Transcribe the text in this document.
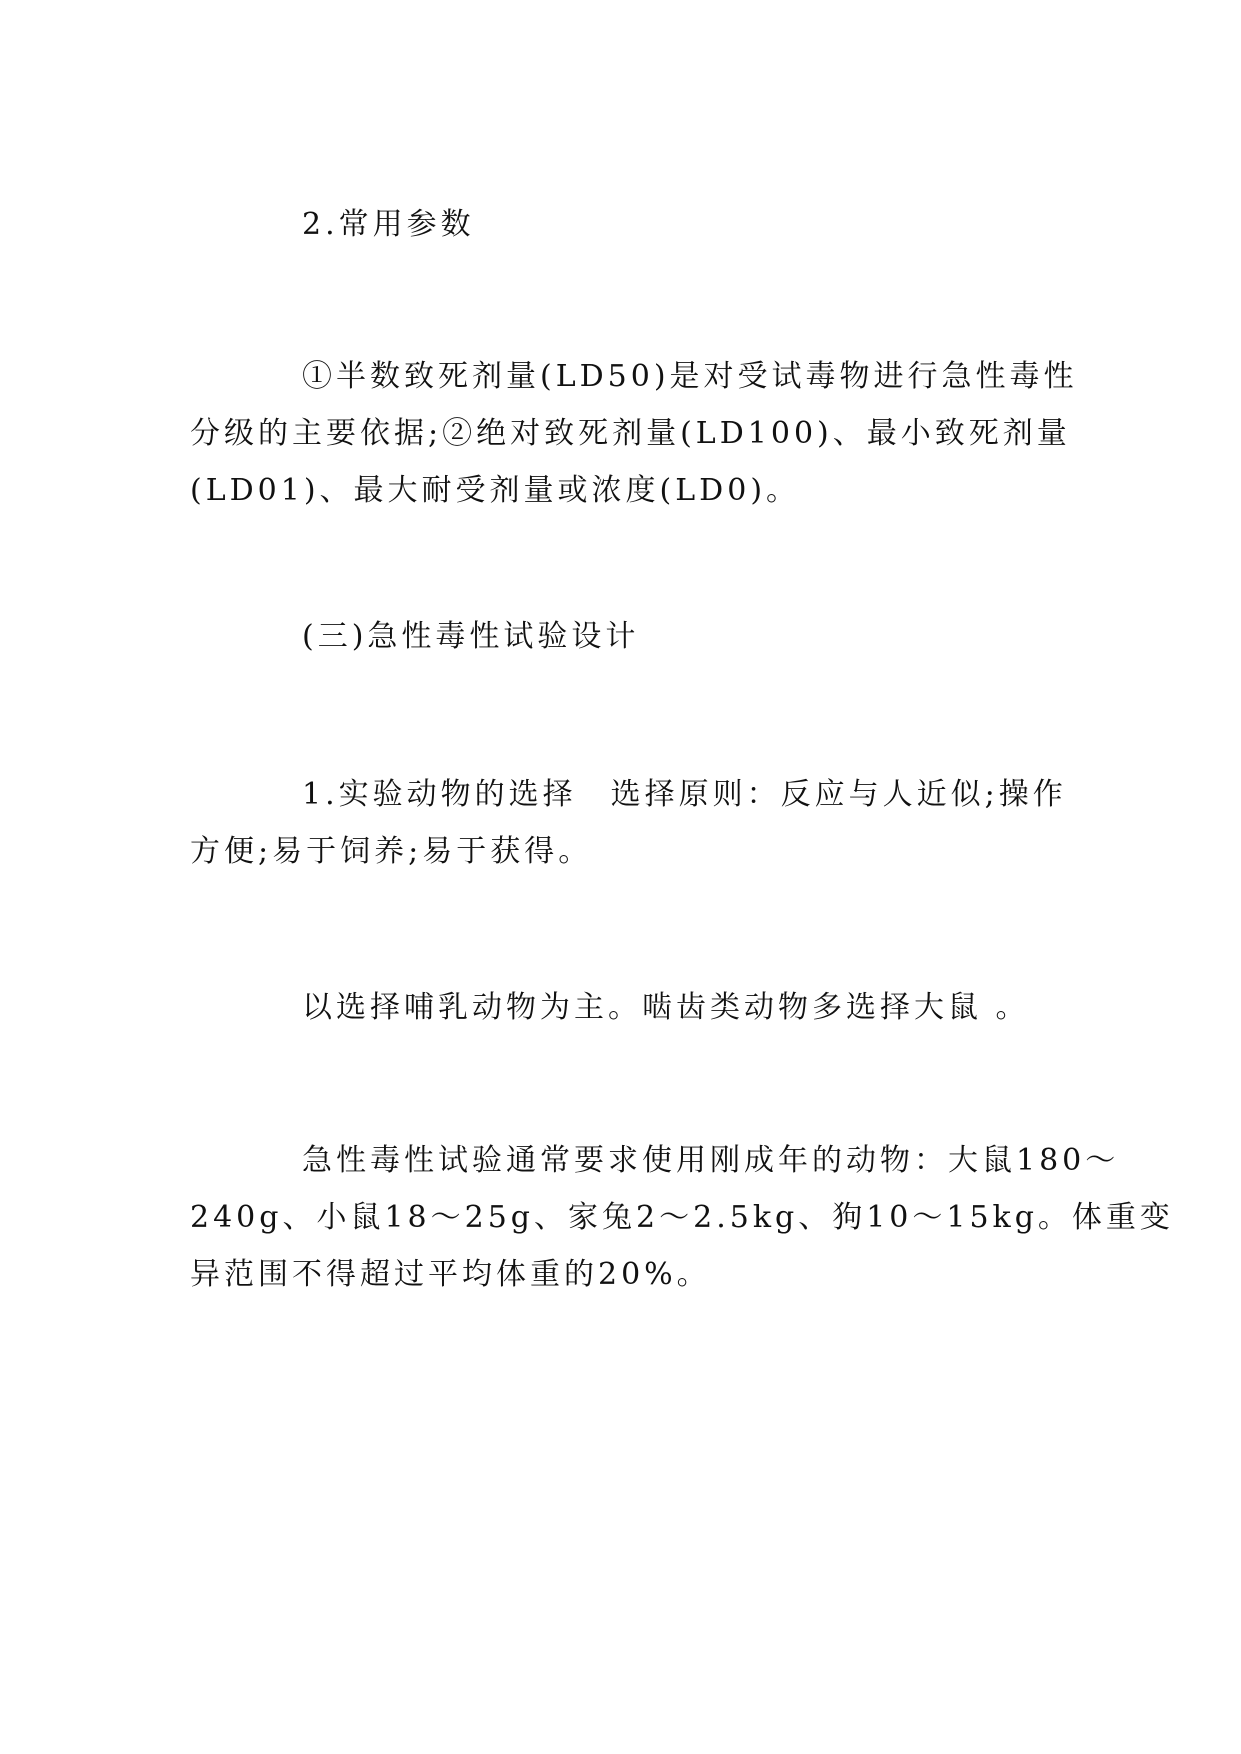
2.常用参数
①半数致死剂量(LD50)是对受试毒物进行急性毒性
分级的主要依据;②绝对致死剂量(LD100)、最小致死剂量
(LD01)、最大耐受剂量或浓度(LD0)。
(三)急性毒性试验设计
1.实验动物的选择　选择原则：反应与人近似;操作
方便;易于饲养;易于获得。
以选择哺乳动物为主。啮齿类动物多选择大鼠 。
急性毒性试验通常要求使用刚成年的动物：大鼠180～
240g、小鼠18～25g、家兔2～2.5kg、狗10～15kg。体重变
异范围不得超过平均体重的20%。
